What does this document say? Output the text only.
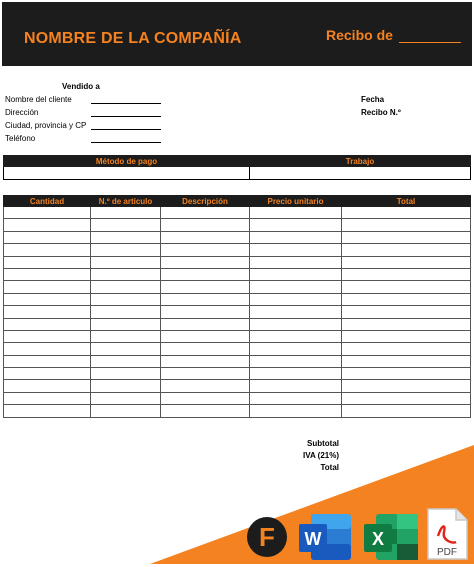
NOMBRE DE LA COMPAÑÍA	Recibo de
Vendido a
Nombre del cliente
Dirección
Ciudad, provincia y CP
Teléfono
Fecha
Recibo N.º
Método de pago	Trabajo

Cantidad	N.º de artículo	Descripción	Precio unitario	Total

Subtotal
IVA (21%)
Total
F W	X
PDF
